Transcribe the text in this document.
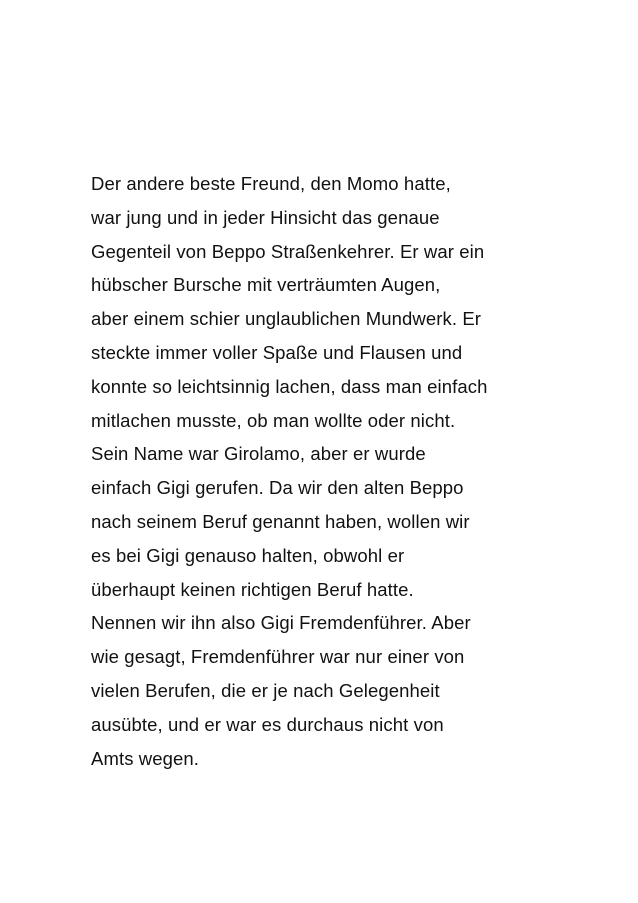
Der andere beste Freund, den Momo hatte,
war jung und in jeder Hinsicht das genaue
Gegenteil von Beppo Straßenkehrer. Er war ein
hübscher Bursche mit verträumten Augen,
aber einem schier unglaublichen Mundwerk. Er
steckte immer voller Spaße und Flausen und
konnte so leichtsinnig lachen, dass man einfach
mitlachen musste, ob man wollte oder nicht.
Sein Name war Girolamo, aber er wurde
einfach Gigi gerufen. Da wir den alten Beppo
nach seinem Beruf genannt haben, wollen wir
es bei Gigi genauso halten, obwohl er
überhaupt keinen richtigen Beruf hatte.
Nennen wir ihn also Gigi Fremdenführer. Aber
wie gesagt, Fremdenführer war nur einer von
vielen Berufen, die er je nach Gelegenheit
ausübte, und er war es durchaus nicht von
Amts wegen.
